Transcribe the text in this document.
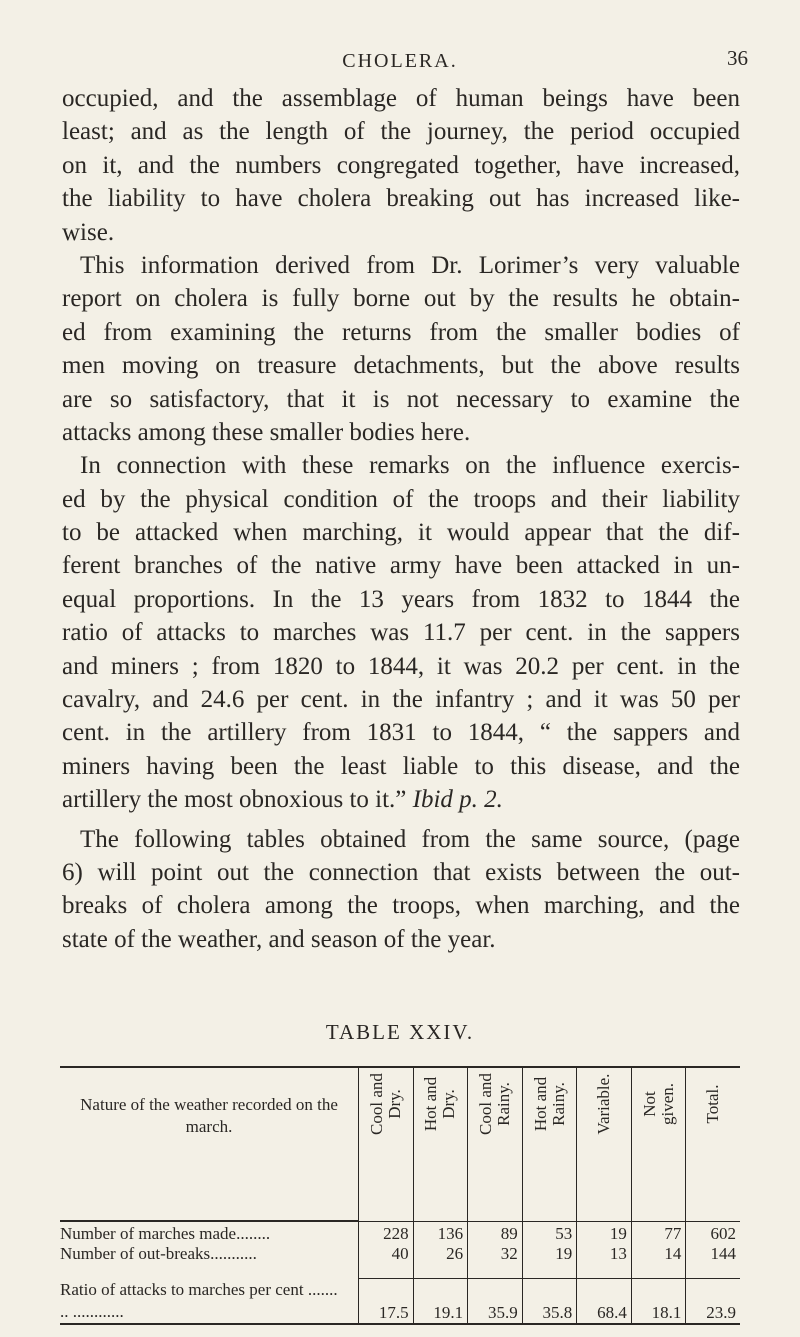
CHOLERA.	36
occupied, and the assemblage of human beings have been
least; and as the length of the journey, the period occupied
on it, and the numbers congregated together, have increased,
the liability to have cholera breaking out has increased like-
wise.
This information derived from Dr. Lorimer’s very valuable
report on cholera is fully borne out by the results he obtain-
ed from examining the returns from the smaller bodies of
men moving on treasure detachments, but the above results
are so satisfactory, that it is not necessary to examine the
attacks among these smaller bodies here.
In connection with these remarks on the influence exercis-
ed by the physical condition of the troops and their liability
to be attacked when marching, it would appear that the dif-
ferent branches of the native army have been attacked in un-
equal proportions. In the 13 years from 1832 to 1844 the
ratio of attacks to marches was 11.7 per cent. in the sappers
and miners ; from 1820 to 1844, it was 20.2 per cent. in the
cavalry, and 24.6 per cent. in the infantry ; and it was 50 per
cent. in the artillery from 1831 to 1844, “ the sappers and
miners having been the least liable to this disease, and the
artillery the most obnoxious to it.” Ibid p. 2.
The following tables obtained from the same source, (page
6) will point out the connection that exists between the out-
breaks of cholera among the troops, when marching, and the
state of the weather, and season of the year.
TABLE XXIV.

Nature of the weather recorded on the march.	Cool and Dry.	Hot and Dry.	Cool and Rainy.	Hot and Rainy.	Variable.	Not given.	Total.

Number of marches made........	228	136	89	53	19	77	602
Number of out-breaks...........	40	26	32	19	13	14	144

Ratio of attacks to marches per cent ....... .. ............	17.5	19.1	35.9	35.8	68.4	18.1	23.9
